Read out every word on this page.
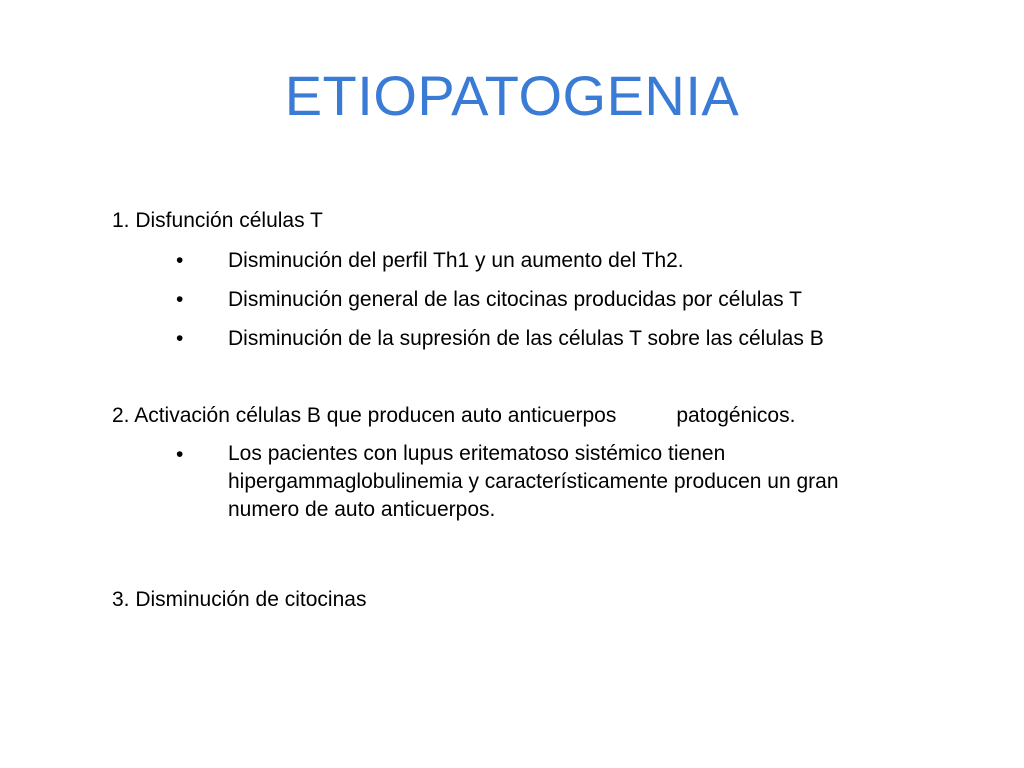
ETIOPATOGENIA
1. Disfunción células T
• Disminución del perfil Th1 y un aumento del Th2.
• Disminución general de las citocinas producidas por células T
• Disminución de la supresión de las células T sobre las células B
2. Activación células B que producen auto anticuerpos	patogénicos.
• Los pacientes con lupus eritematoso sistémico tienen hipergammaglobulinemia y característicamente producen un gran numero de auto anticuerpos.
3. Disminución de citocinas
